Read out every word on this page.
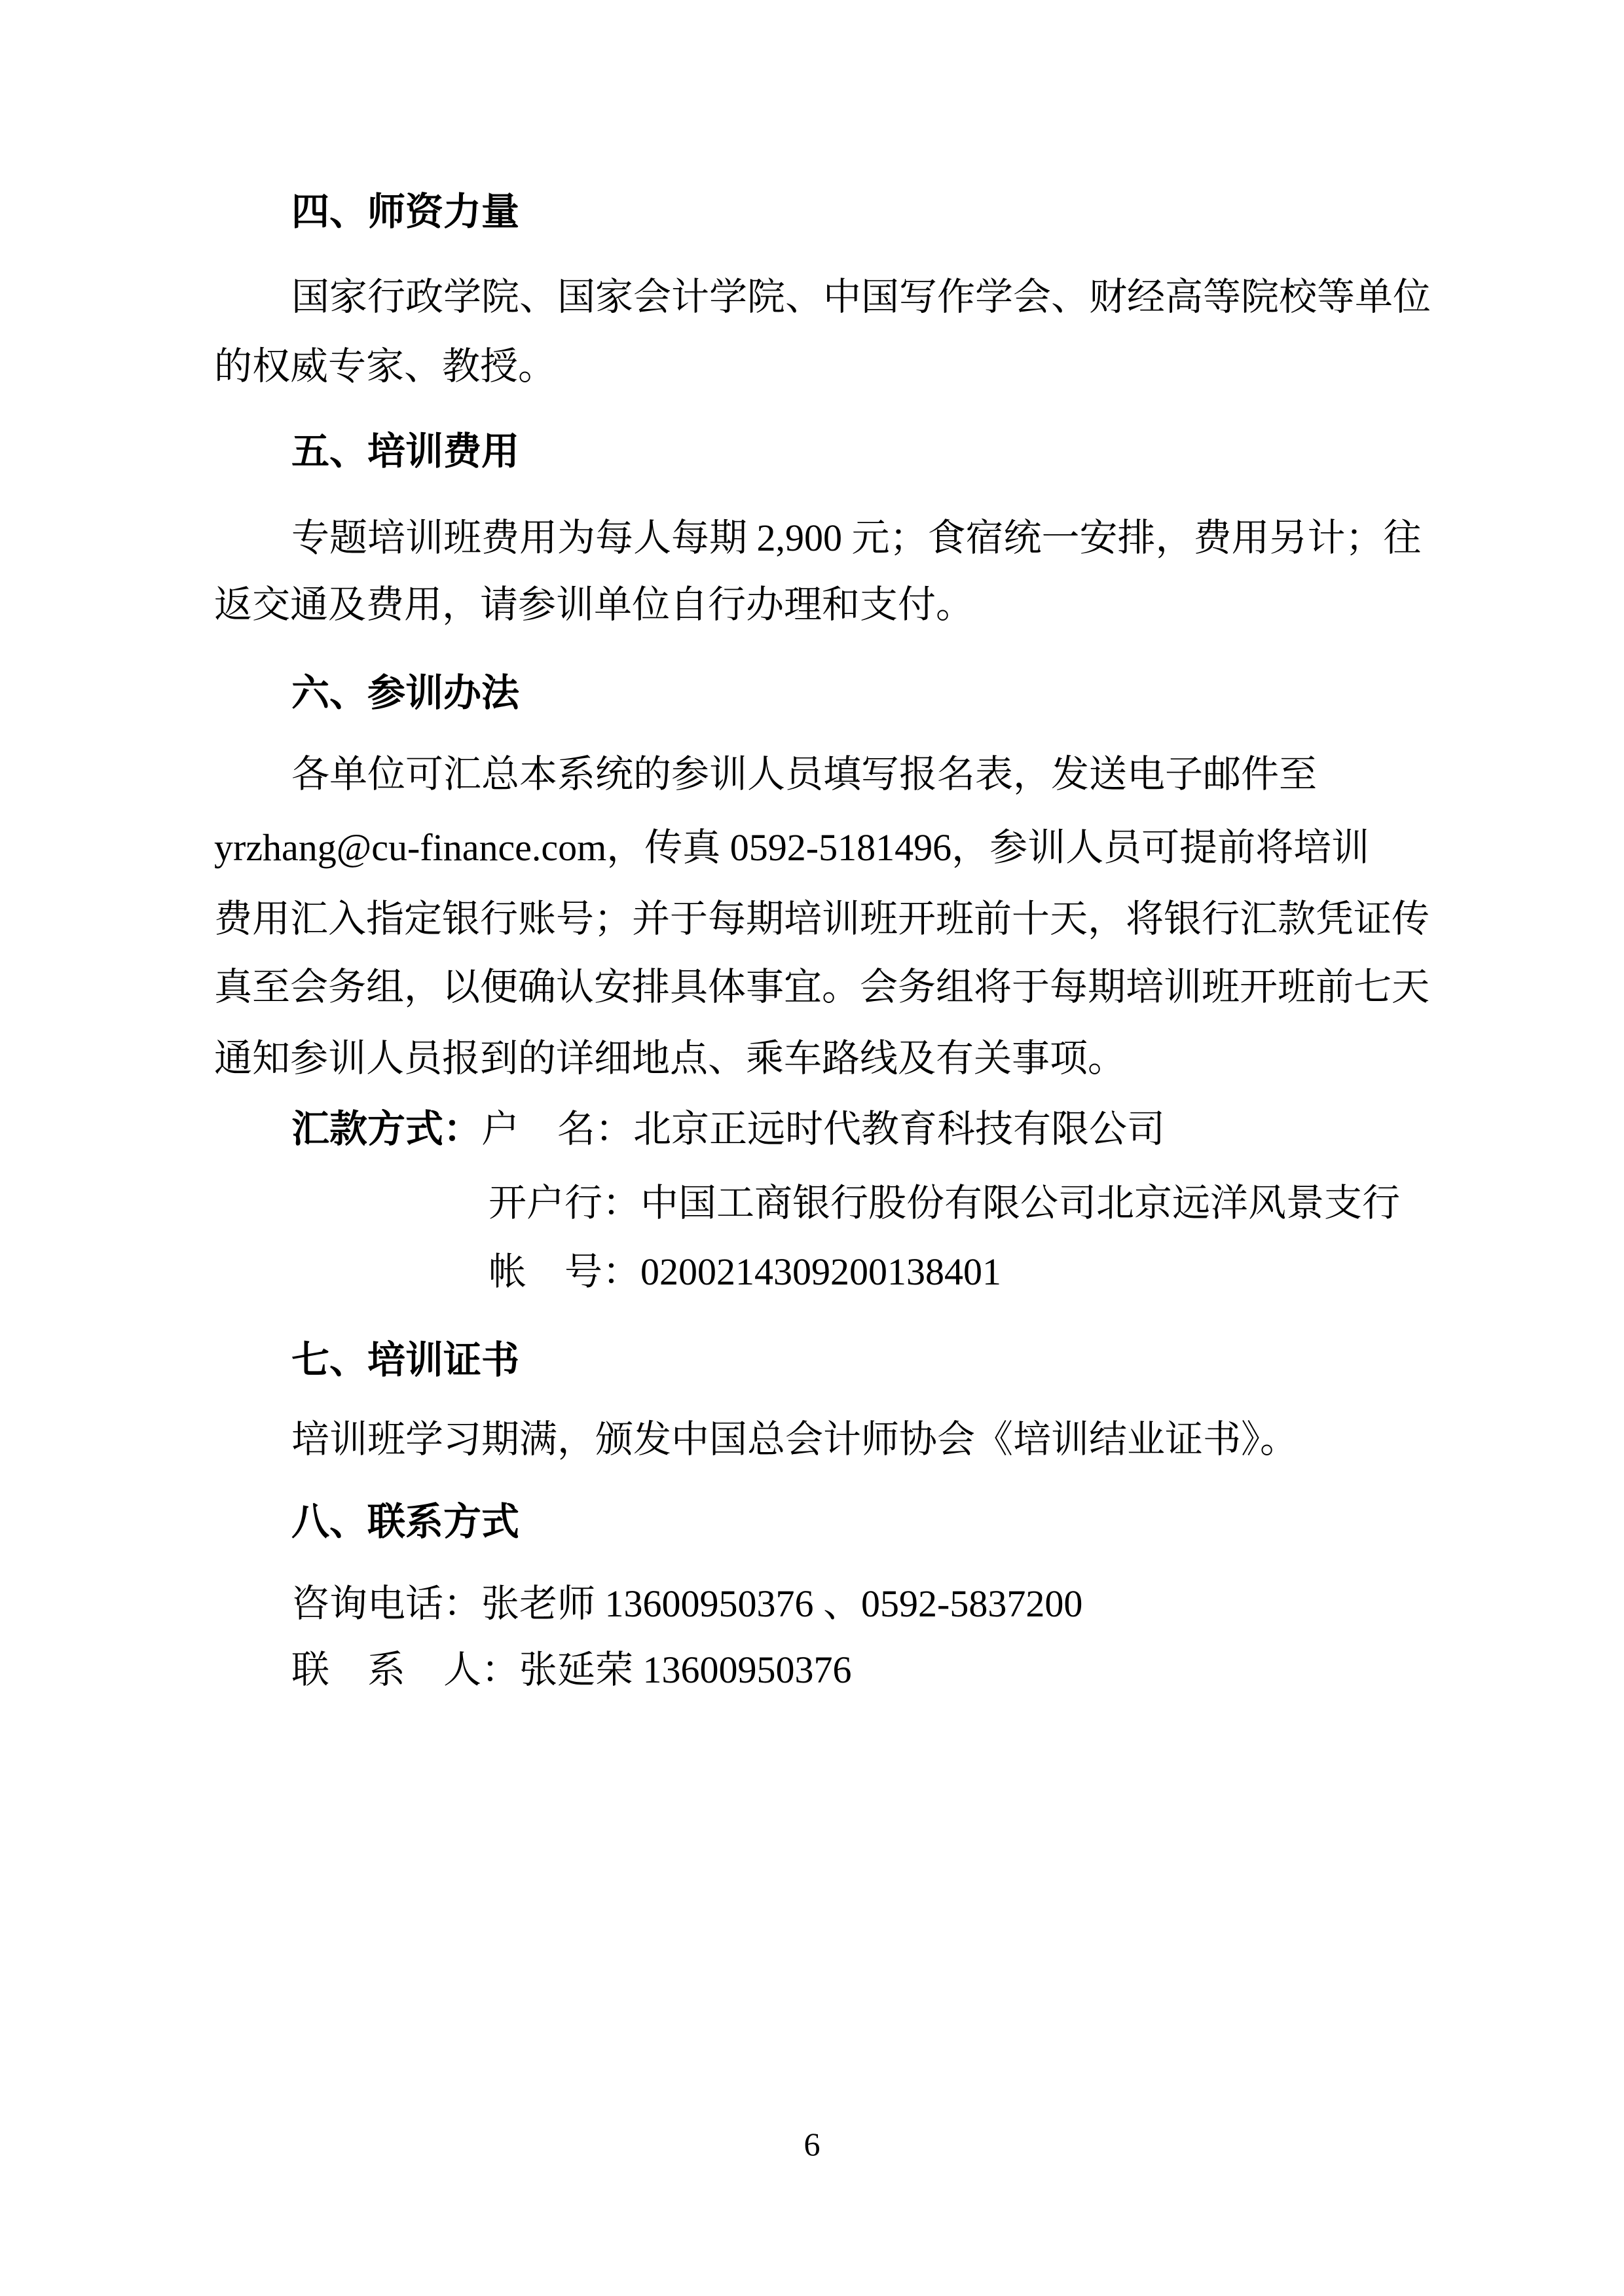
四、师资力量
国家行政学院、国家会计学院、中国写作学会、财经高等院校等单位
的权威专家、教授。
五、培训费用
专题培训班费用为每人每期 2,900 元；食宿统一安排，费用另计；往
返交通及费用，请参训单位自行办理和支付。
六、参训办法
各单位可汇总本系统的参训人员填写报名表，发送电子邮件至
yrzhang@cu-finance.com，传真 0592-5181496，参训人员可提前将培训
费用汇入指定银行账号；并于每期培训班开班前十天，将银行汇款凭证传
真至会务组，以便确认安排具体事宜。会务组将于每期培训班开班前七天
通知参训人员报到的详细地点、乘车路线及有关事项。
汇款方式：户　名：北京正远时代教育科技有限公司
开户行：中国工商银行股份有限公司北京远洋风景支行
帐　号：0200214309200138401
七、培训证书
培训班学习期满，颁发中国总会计师协会《培训结业证书》。
八、联系方式
咨询电话：张老师 13600950376 、0592-5837200
联　系　人：张延荣 13600950376
6
